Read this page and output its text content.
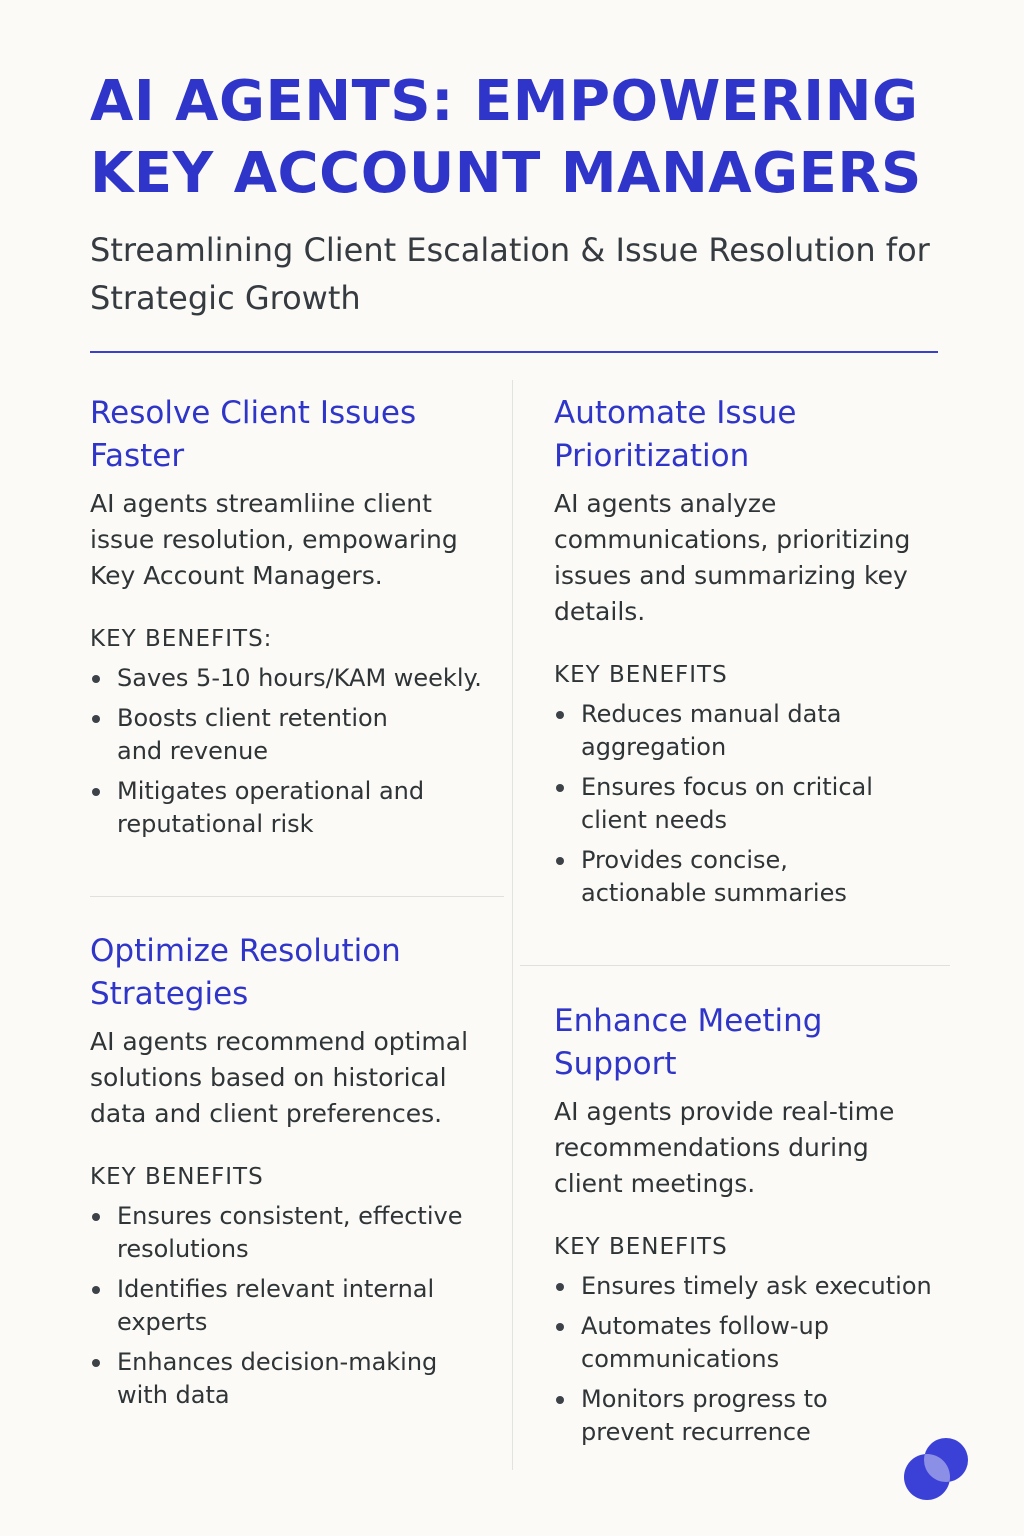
AI AGENTS: EMPOWERING KEY ACCOUNT MANAGERS

Streamlining Client Escalation & Issue Resolution for Strategic Growth

Resolve Client Issues Faster

AI agents streamliine client issue resolution, empowaring Key Account Managers.

KEY BENEFITS:
Saves 5-10 hours/KAM weekly.
Boosts client retention and revenue
Mitigates operational and reputational risk
Automate Issue Prioritization

AI agents analyze communications, prioritizing issues and summarizing key details.

KEY BENEFITS
Reduces manual data aggregation
Ensures focus on critical client needs
Provides concise, actionable summaries
Optimize Resolution Strategies

AI agents recommend optimal solutions based on historical data and client preferences.

KEY BENEFITS
Ensures consistent, effective resolutions
Identifies relevant internal experts
Enhances decision-making with data
Enhance Meeting Support

AI agents provide real-time recommendations during client meetings.

KEY BENEFITS
Ensures timely ask execution
Automates follow-up communications
Monitors progress to prevent recurrence
